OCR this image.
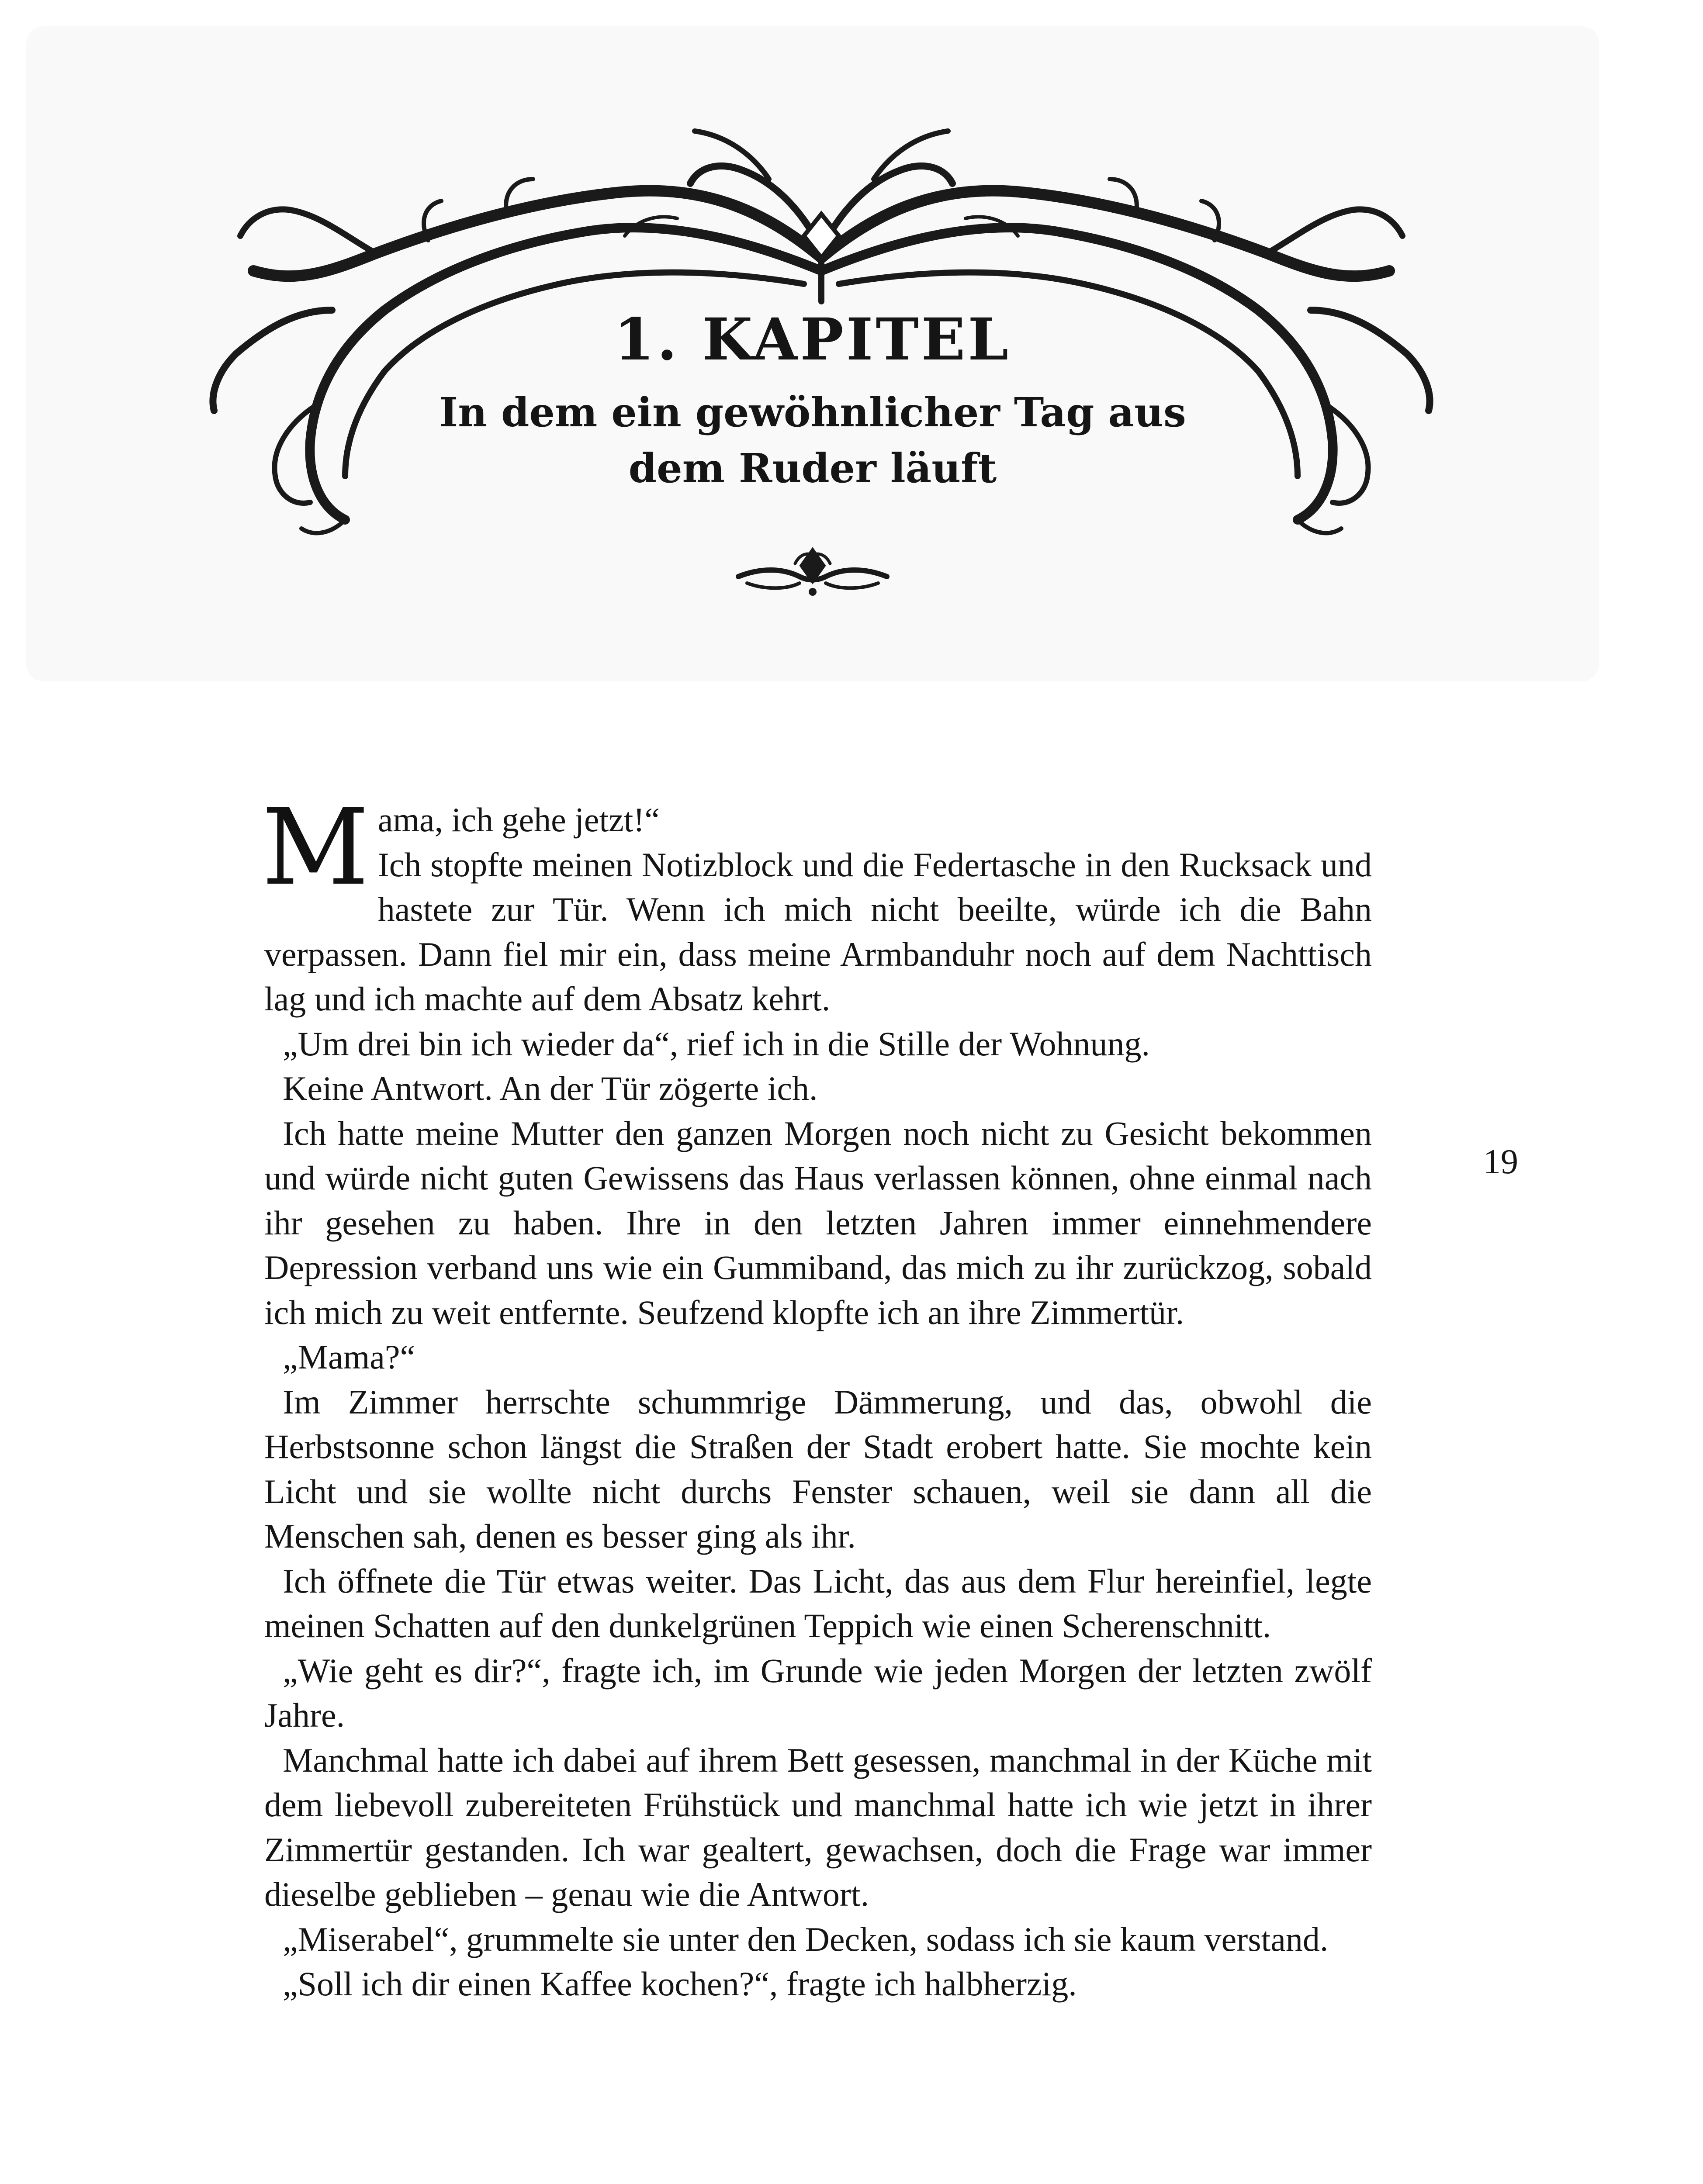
1. KAPITEL
In dem ein gewöhnlicher Tag aus
dem Ruder läuft

Mama, ich gehe jetzt!“

Ich stopfte meinen Notizblock und die Federtasche in den Rucksack und hastete zur Tür. Wenn ich mich nicht beeilte, würde ich die Bahn verpassen. Dann fiel mir ein, dass meine Armbanduhr noch auf dem Nachttisch lag und ich machte auf dem Absatz kehrt.

„Um drei bin ich wieder da“, rief ich in die Stille der Wohnung.

Keine Antwort. An der Tür zögerte ich.

Ich hatte meine Mutter den ganzen Morgen noch nicht zu Gesicht bekommen und würde nicht guten Gewissens das Haus verlassen können, ohne einmal nach ihr gesehen zu haben. Ihre in den letzten Jahren immer einnehmendere Depression verband uns wie ein Gummiband, das mich zu ihr zurückzog, sobald ich mich zu weit entfernte. Seufzend klopfte ich an ihre Zimmertür.

„Mama?“

Im Zimmer herrschte schummrige Dämmerung, und das, obwohl die Herbstsonne schon längst die Straßen der Stadt erobert hatte. Sie mochte kein Licht und sie wollte nicht durchs Fenster schauen, weil sie dann all die Menschen sah, denen es besser ging als ihr.

Ich öffnete die Tür etwas weiter. Das Licht, das aus dem Flur hereinfiel, legte meinen Schatten auf den dunkelgrünen Teppich wie einen Scherenschnitt.

„Wie geht es dir?“, fragte ich, im Grunde wie jeden Morgen der letzten zwölf Jahre.

Manchmal hatte ich dabei auf ihrem Bett gesessen, manchmal in der Küche mit dem liebevoll zubereiteten Frühstück und manchmal hatte ich wie jetzt in ihrer Zimmertür gestanden. Ich war gealtert, gewachsen, doch die Frage war immer dieselbe geblieben – genau wie die Antwort.

„Miserabel“, grummelte sie unter den Decken, sodass ich sie kaum verstand.

„Soll ich dir einen Kaffee kochen?“, fragte ich halbherzig.

19
